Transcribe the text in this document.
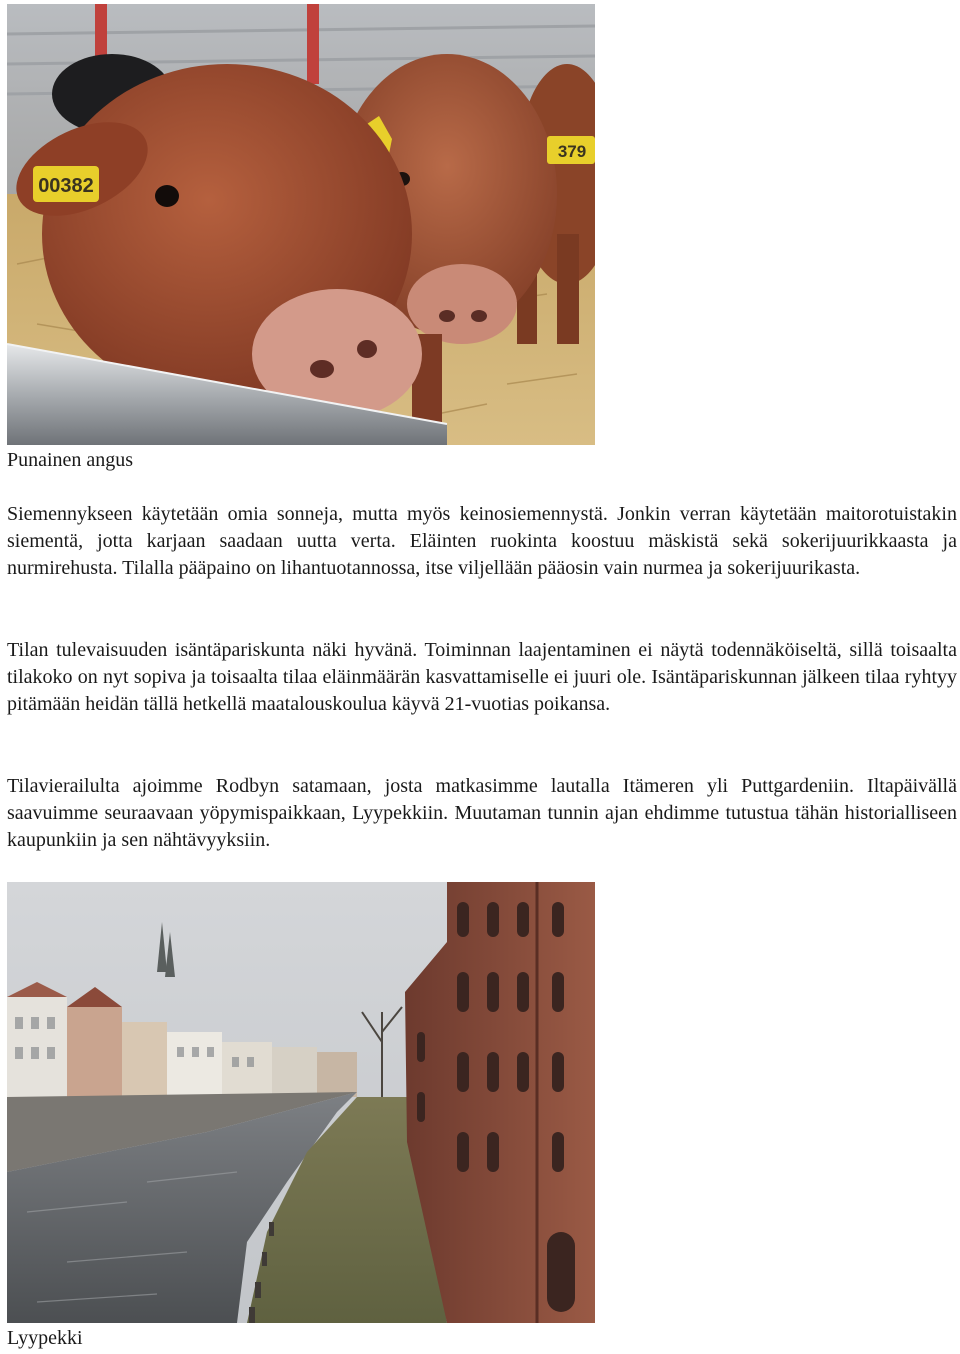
00382
379

Punainen angus

Siemennykseen käytetään omia sonneja, mutta myös keinosiemennystä. Jonkin verran käytetään maitorotuistakin siementä, jotta karjaan saadaan uutta verta. Eläinten ruokinta koostuu mäskistä sekä sokerijuurikkaasta ja nurmirehusta. Tilalla pääpaino on lihantuotannossa, itse viljellään pääosin vain nurmea ja sokerijuurikasta.

Tilan tulevaisuuden isäntäpariskunta näki hyvänä. Toiminnan laajentaminen ei näytä todennäköiseltä, sillä toisaalta tilakoko on nyt sopiva ja toisaalta tilaa eläinmäärän kasvattamiselle ei juuri ole. Isäntäpariskunnan jälkeen tilaa ryhtyy pitämään heidän tällä hetkellä maatalouskoulua käyvä 21-vuotias poikansa.

Tilavierailulta ajoimme Rodbyn satamaan, josta matkasimme lautalla Itämeren yli Puttgardeniin. Iltapäivällä saavuimme seuraavaan yöpymispaikkaan, Lyypekkiin. Muutaman tunnin ajan ehdimme tutustua tähän historialliseen kaupunkiin ja sen nähtävyyksiin.

Lyypekki
